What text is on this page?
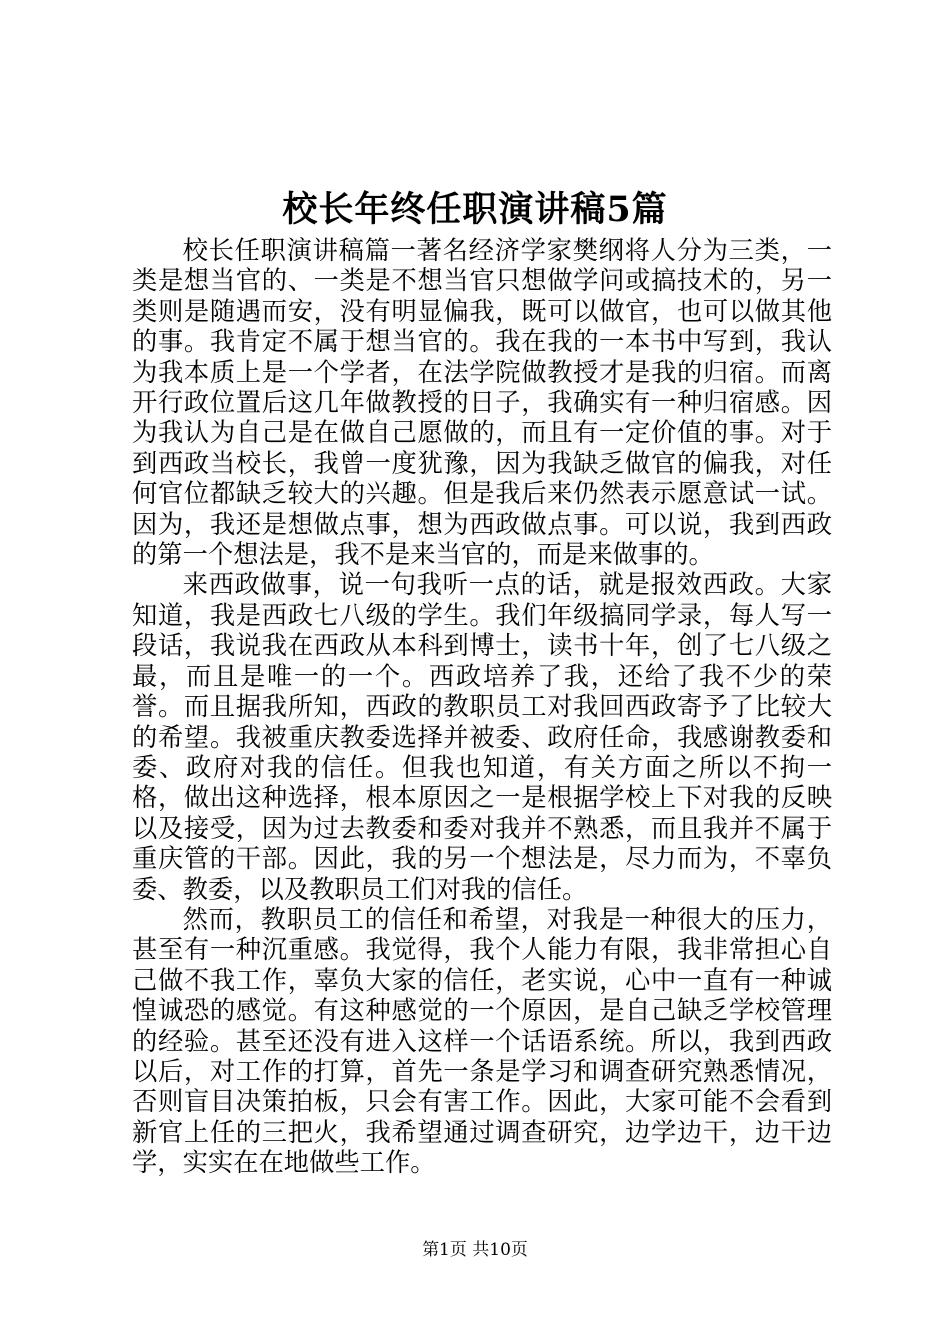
校长年终任职演讲稿5篇

校长任职演讲稿篇一著名经济学家樊纲将人分为三类，一类是想当官的、一类是不想当官只想做学问或搞技术的，另一类则是随遇而安，没有明显偏我，既可以做官，也可以做其他的事。我肯定不属于想当官的。我在我的一本书中写到，我认为我本质上是一个学者，在法学院做教授才是我的归宿。而离开行政位置后这几年做教授的日子，我确实有一种归宿感。因为我认为自己是在做自己愿做的，而且有一定价值的事。对于到西政当校长，我曾一度犹豫，因为我缺乏做官的偏我，对任何官位都缺乏较大的兴趣。但是我后来仍然表示愿意试一试。因为，我还是想做点事，想为西政做点事。可以说，我到西政的第一个想法是，我不是来当官的，而是来做事的。

来西政做事，说一句我听一点的话，就是报效西政。大家知道，我是西政七八级的学生。我们年级搞同学录，每人写一段话，我说我在西政从本科到博士，读书十年，创了七八级之最，而且是唯一的一个。西政培养了我，还给了我不少的荣誉。而且据我所知，西政的教职员工对我回西政寄予了比较大的希望。我被重庆教委选择并被委、政府任命，我感谢教委和委、政府对我的信任。但我也知道，有关方面之所以不拘一格，做出这种选择，根本原因之一是根据学校上下对我的反映以及接受，因为过去教委和委对我并不熟悉，而且我并不属于重庆管的干部。因此，我的另一个想法是，尽力而为，不辜负委、教委，以及教职员工们对我的信任。

然而，教职员工的信任和希望，对我是一种很大的压力，甚至有一种沉重感。我觉得，我个人能力有限，我非常担心自己做不我工作，辜负大家的信任，老实说，心中一直有一种诚惶诚恐的感觉。有这种感觉的一个原因，是自己缺乏学校管理的经验。甚至还没有进入这样一个话语系统。所以，我到西政以后，对工作的打算，首先一条是学习和调查研究熟悉情况，否则盲目决策拍板，只会有害工作。因此，大家可能不会看到新官上任的三把火，我希望通过调查研究，边学边干，边干边学，实实在在地做些工作。

第1页 共10页
